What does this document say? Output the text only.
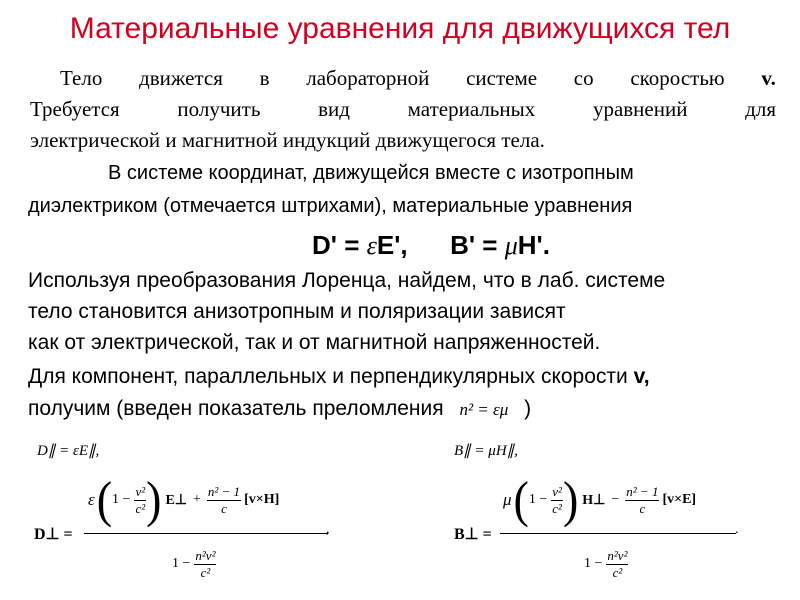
Материальные уравнения для движущихся тел
Тело движется в лабораторной системе со скоростью v.
Требуется	получить	вид	материальных	уравнений	для
электрической и магнитной индукций движущегося тела.
В системе координат, движущейся вместе с изотропным
диэлектриком (отмечается штрихами), материальные уравнения
D' = εE', B' = μH'.
Используя преобразования Лоренца, найдем, что в лаб. системе
тело становится анизотропным и поляризации зависят
как от электрической, так и от магнитной напряженностей.
Для компонент, параллельных и перпендикулярных скорости v,
получим (введен показатель преломления n² = εμ )
D∥ = εE∥,	B∥ = μH∥,
D⊥ =	,
ε ( $1 - \frac{\text{v²}}{\text{c²}}$ ) E⊥ + $\frac{\text{n² − 1}}{c} [v\times H]$
$1 - \frac{\text{n²v²}}{\text{c²}}$
B⊥ =	.
μ ( $1 - \frac{\text{v²}}{\text{c²}}$ ) H⊥ − $\frac{\text{n² − 1}}{c} [v\times E]$
$1 - \frac{\text{n²v²}}{\text{c²}}$
